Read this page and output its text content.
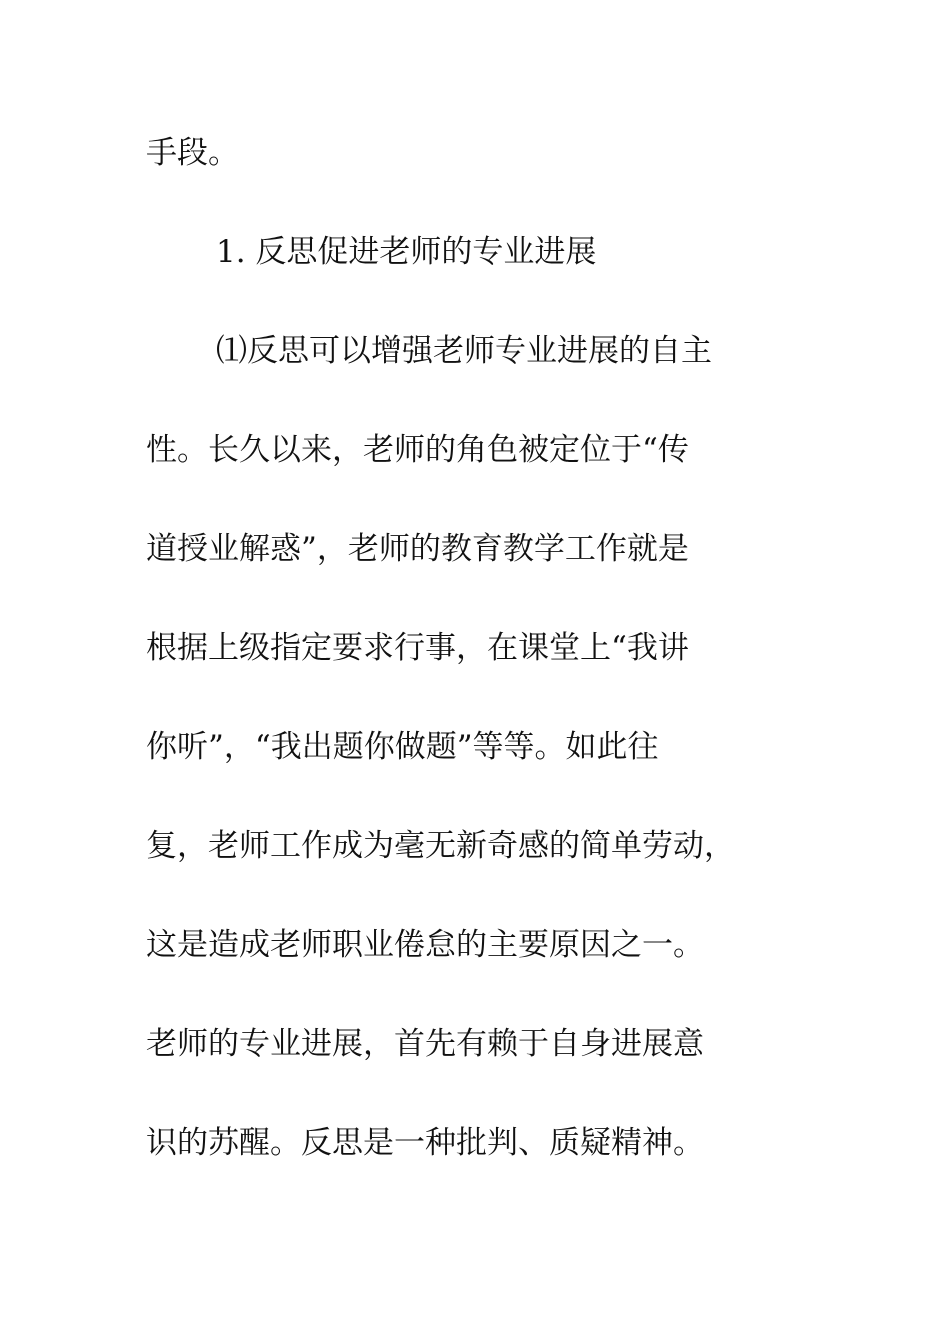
手段。

1. 反思促进老师的专业进展

⑴反思可以增强老师专业进展的自主

性。长久以来，老师的角色被定位于“传

道授业解惑”，老师的教育教学工作就是

根据上级指定要求行事，在课堂上“我讲

你听”，“我出题你做题”等等。如此往

复，老师工作成为毫无新奇感的简单劳动，

这是造成老师职业倦怠的主要原因之一。

老师的专业进展，首先有赖于自身进展意

识的苏醒。反思是一种批判、质疑精神。
